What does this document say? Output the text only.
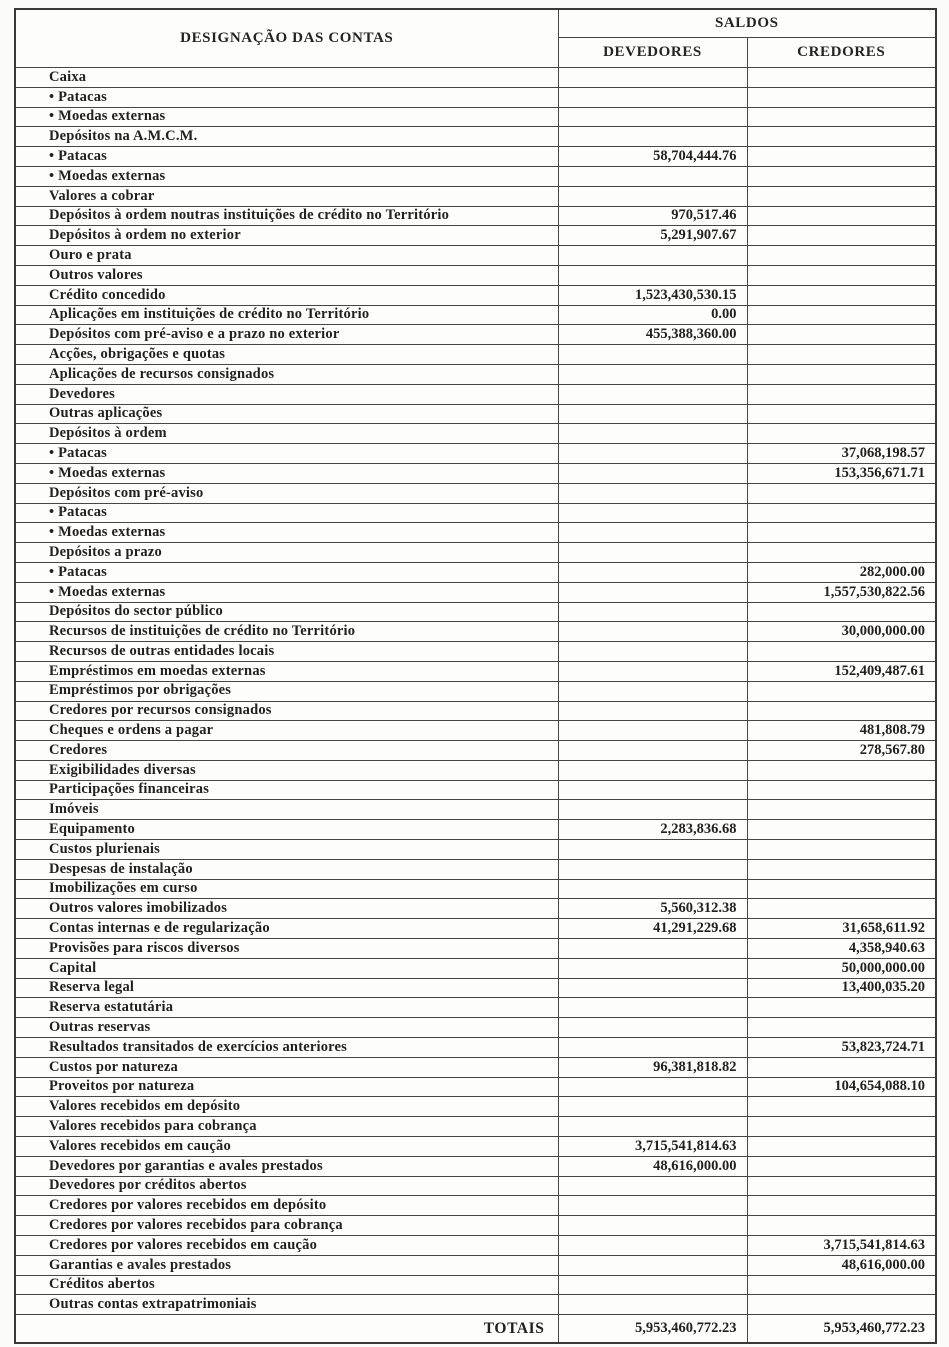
DESIGNAÇÃO DAS CONTAS	SALDOS	
	DEVEDORES	CREDORES
Caixa		
• Patacas		
• Moedas externas		
Depósitos na A.M.C.M.		
• Patacas	58,704,444.76	
• Moedas externas		
Valores a cobrar		
Depósitos à ordem noutras instituições de crédito no Território	970,517.46	
Depósitos à ordem no exterior	5,291,907.67	
Ouro e prata		
Outros valores		
Crédito concedido	1,523,430,530.15	
Aplicações em instituições de crédito no Território	0.00	
Depósitos com pré-aviso e a prazo no exterior	455,388,360.00	
Acções, obrigações e quotas		
Aplicações de recursos consignados		
Devedores		
Outras aplicações		
Depósitos à ordem		
• Patacas		37,068,198.57
• Moedas externas		153,356,671.71
Depósitos com pré-aviso		
• Patacas		
• Moedas externas		
Depósitos a prazo		
• Patacas		282,000.00
• Moedas externas		1,557,530,822.56
Depósitos do sector público		
Recursos de instituições de crédito no Território		30,000,000.00
Recursos de outras entidades locais		
Empréstimos em moedas externas		152,409,487.61
Empréstimos por obrigações		
Credores por recursos consignados		
Cheques e ordens a pagar		481,808.79
Credores		278,567.80
Exigibilidades diversas		
Participações financeiras		
Imóveis		
Equipamento	2,283,836.68	
Custos plurienais		
Despesas de instalação		
Imobilizações em curso		
Outros valores imobilizados	5,560,312.38	
Contas internas e de regularização	41,291,229.68	31,658,611.92
Provisões para riscos diversos		4,358,940.63
Capital		50,000,000.00
Reserva legal		13,400,035.20
Reserva estatutária		
Outras reservas		
Resultados transitados de exercícios anteriores		53,823,724.71
Custos por natureza	96,381,818.82	
Proveitos por natureza		104,654,088.10
Valores recebidos em depósito		
Valores recebidos para cobrança		
Valores recebidos em caução	3,715,541,814.63	
Devedores por garantias e avales prestados	48,616,000.00	
Devedores por créditos abertos		
Credores por valores recebidos em depósito		
Credores por valores recebidos para cobrança		
Credores por valores recebidos em caução		3,715,541,814.63
Garantias e avales prestados		48,616,000.00
Créditos abertos		
Outras contas extrapatrimoniais		
TOTAIS	5,953,460,772.23	5,953,460,772.23
